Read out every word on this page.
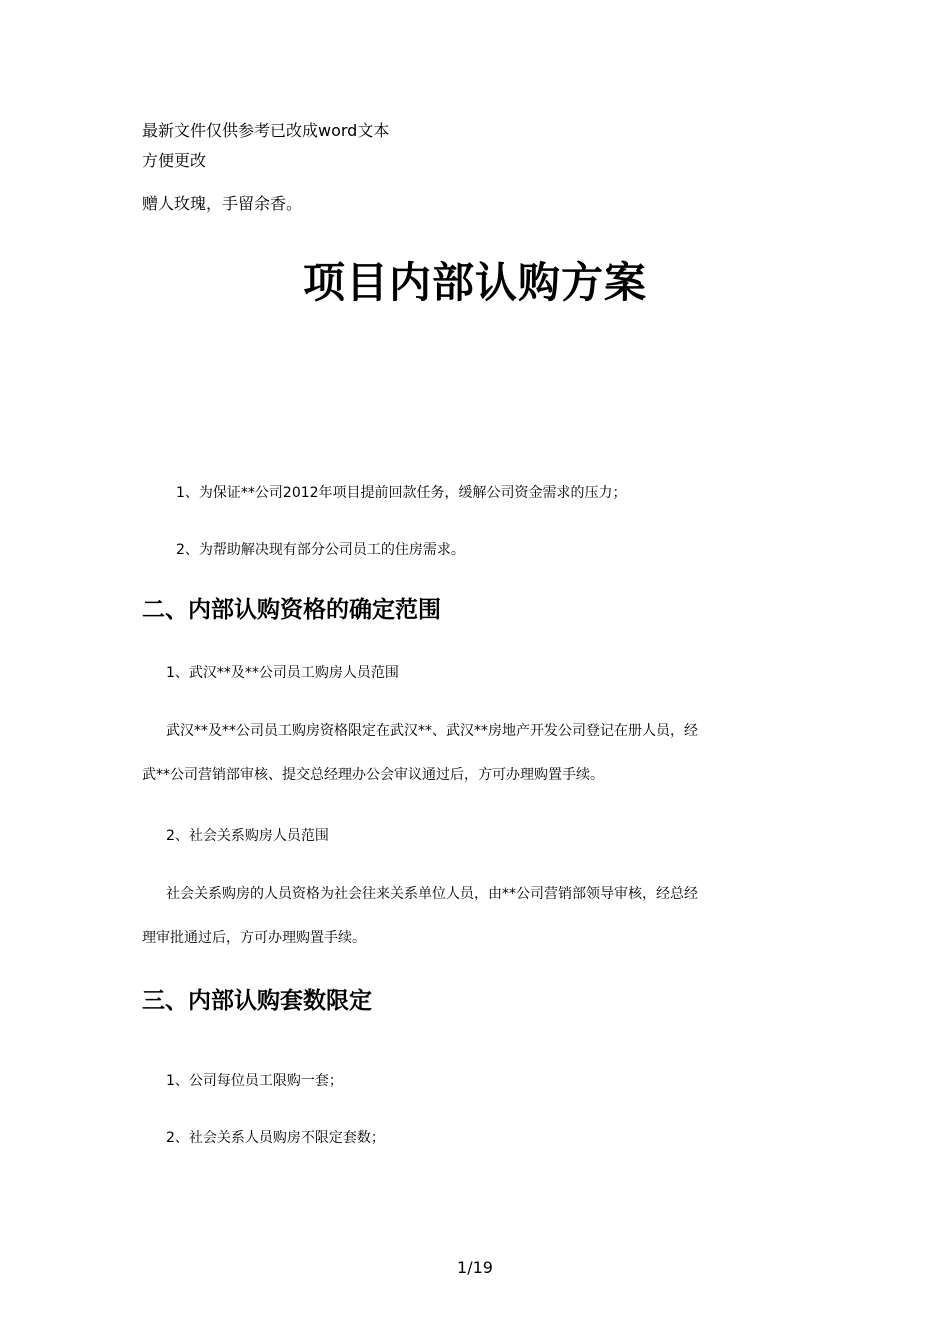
最新文件仅供参考已改成word文本
方便更改
赠人玫瑰，手留余香。
项目内部认购方案
1、为保证**公司2012年项目提前回款任务，缓解公司资金需求的压力；
2、为帮助解决现有部分公司员工的住房需求。
二、内部认购资格的确定范围
1、武汉**及**公司员工购房人员范围
武汉**及**公司员工购房资格限定在武汉**、武汉**房地产开发公司登记在册人员，经
武**公司营销部审核、提交总经理办公会审议通过后，方可办理购置手续。
2、社会关系购房人员范围
社会关系购房的人员资格为社会往来关系单位人员，由**公司营销部领导审核，经总经
理审批通过后，方可办理购置手续。
三、内部认购套数限定
1、公司每位员工限购一套；
2、社会关系人员购房不限定套数；
1/19
